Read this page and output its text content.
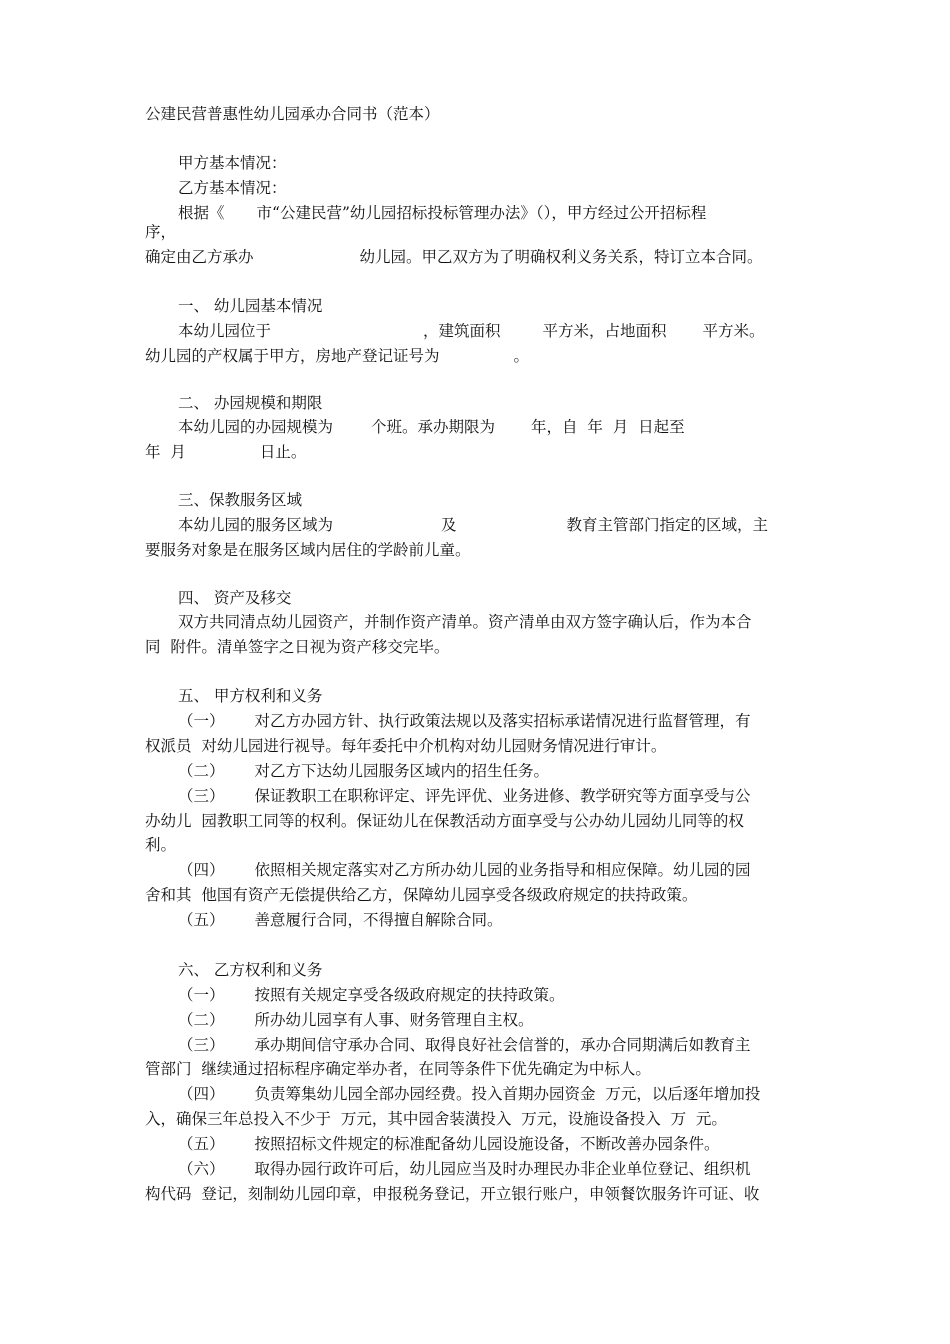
公建民营普惠性幼儿园承办合同书（范本）
甲方基本情况：
乙方基本情况：
根据《 市“公建民营”幼儿园招标投标管理办法》（），甲方经过公开招标程
序，
确定由乙方承办	幼儿园。甲乙双方为了明确权利义务关系，特订立本合同。
一、 幼儿园基本情况
本幼儿园位于	，建筑面积	平方米，占地面积 平方米。
幼儿园的产权属于甲方，房地产登记证号为	。
二、 办园规模和期限
本幼儿园的办园规模为 个班。承办期限为 年，自  年  月  日起至
年  月	日止。
三、保教服务区域
本幼儿园的服务区域为	及	教育主管部门指定的区域，主
要服务对象是在服务区域内居住的学龄前儿童。
四、 资产及移交
双方共同清点幼儿园资产，并制作资产清单。资产清单由双方签字确认后，作为本合
同  附件。清单签字之日视为资产移交完毕。
五、 甲方权利和义务
（一） 对乙方办园方针、执行政策法规以及落实招标承诺情况进行监督管理，有
权派员  对幼儿园进行视导。每年委托中介机构对幼儿园财务情况进行审计。
（二） 对乙方下达幼儿园服务区域内的招生任务。
（三） 保证教职工在职称评定、评先评优、业务进修、教学研究等方面享受与公
办幼儿  园教职工同等的权利。保证幼儿在保教活动方面享受与公办幼儿园幼儿同等的权
利。
（四） 依照相关规定落实对乙方所办幼儿园的业务指导和相应保障。幼儿园的园
舍和其  他国有资产无偿提供给乙方，保障幼儿园享受各级政府规定的扶持政策。
（五） 善意履行合同，不得擅自解除合同。
六、 乙方权利和义务
（一） 按照有关规定享受各级政府规定的扶持政策。
（二） 所办幼儿园享有人事、财务管理自主权。
（三） 承办期间信守承办合同、取得良好社会信誉的，承办合同期满后如教育主
管部门  继续通过招标程序确定举办者，在同等条件下优先确定为中标人。
（四） 负责筹集幼儿园全部办园经费。投入首期办园资金  万元，以后逐年增加投
入，确保三年总投入不少于  万元，其中园舍装潢投入  万元，设施设备投入  万  元。
（五） 按照招标文件规定的标准配备幼儿园设施设备，不断改善办园条件。
（六） 取得办园行政许可后，幼儿园应当及时办理民办非企业单位登记、组织机
构代码  登记，刻制幼儿园印章，申报税务登记，开立银行账户，申领餐饮服务许可证、收
